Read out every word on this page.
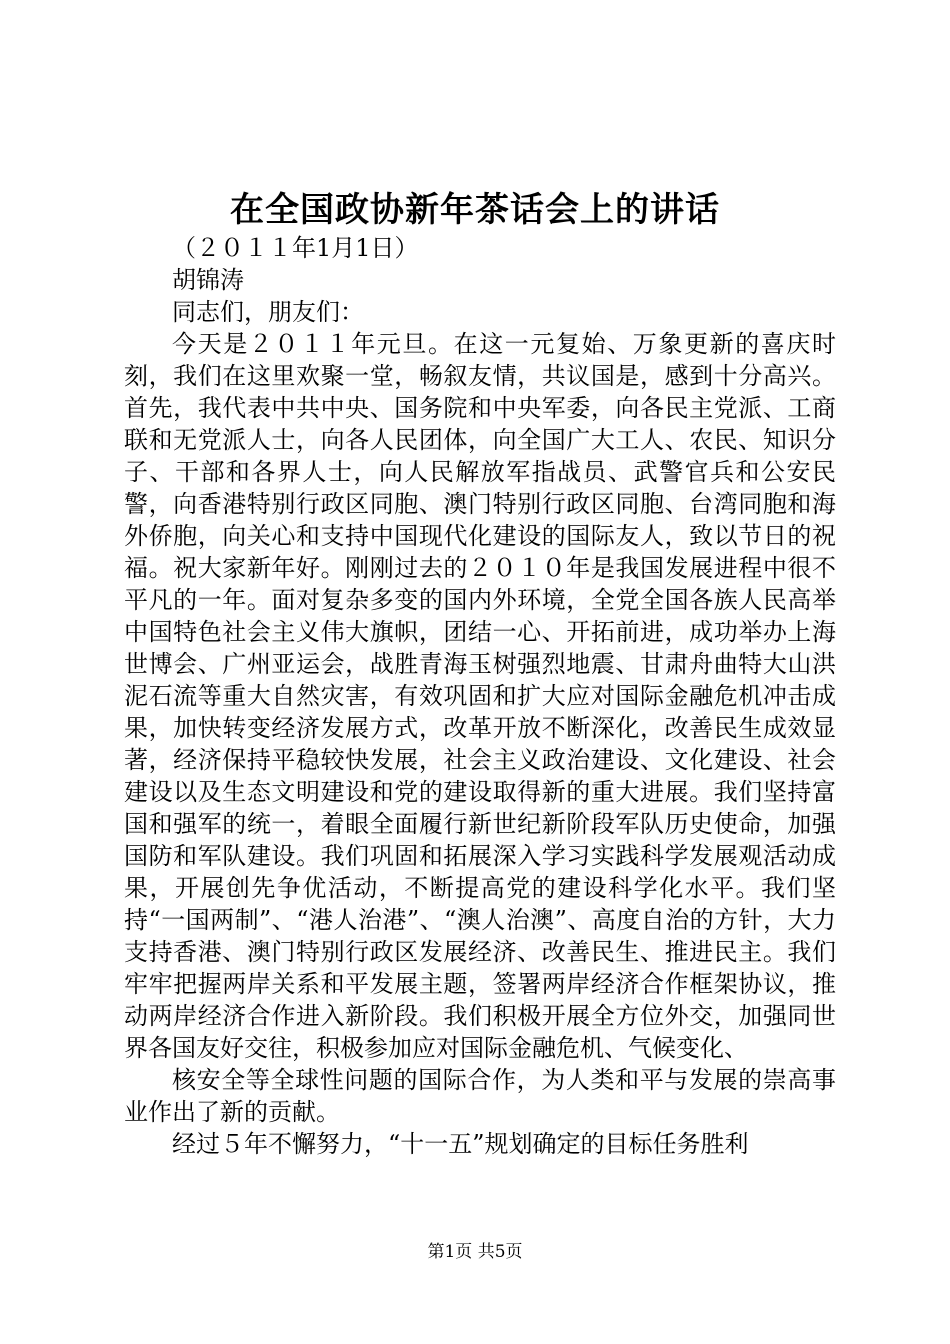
在全国政协新年茶话会上的讲话

（２０１１年1月1日）

胡锦涛

同志们，朋友们：

今天是２０１１年元旦。在这一元复始、万象更新的喜庆时刻，我们在这里欢聚一堂，畅叙友情，共议国是，感到十分高兴。首先，我代表中共中央、国务院和中央军委，向各民主党派、工商联和无党派人士，向各人民团体，向全国广大工人、农民、知识分子、干部和各界人士，向人民解放军指战员、武警官兵和公安民警，向香港特别行政区同胞、澳门特别行政区同胞、台湾同胞和海外侨胞，向关心和支持中国现代化建设的国际友人，致以节日的祝福。祝大家新年好。刚刚过去的２０１０年是我国发展进程中很不平凡的一年。面对复杂多变的国内外环境，全党全国各族人民高举中国特色社会主义伟大旗帜，团结一心、开拓前进，成功举办上海世博会、广州亚运会，战胜青海玉树强烈地震、甘肃舟曲特大山洪泥石流等重大自然灾害，有效巩固和扩大应对国际金融危机冲击成果，加快转变经济发展方式，改革开放不断深化，改善民生成效显著，经济保持平稳较快发展，社会主义政治建设、文化建设、社会建设以及生态文明建设和党的建设取得新的重大进展。我们坚持富国和强军的统一，着眼全面履行新世纪新阶段军队历史使命，加强国防和军队建设。我们巩固和拓展深入学习实践科学发展观活动成果，开展创先争优活动，不断提高党的建设科学化水平。我们坚持“一国两制”、“港人治港”、“澳人治澳”、高度自治的方针，大力支持香港、澳门特别行政区发展经济、改善民生、推进民主。我们牢牢把握两岸关系和平发展主题，签署两岸经济合作框架协议，推动两岸经济合作进入新阶段。我们积极开展全方位外交，加强同世界各国友好交往，积极参加应对国际金融危机、气候变化、

核安全等全球性问题的国际合作，为人类和平与发展的崇高事业作出了新的贡献。

经过５年不懈努力，“十一五”规划确定的目标任务胜利

第1页 共5页
